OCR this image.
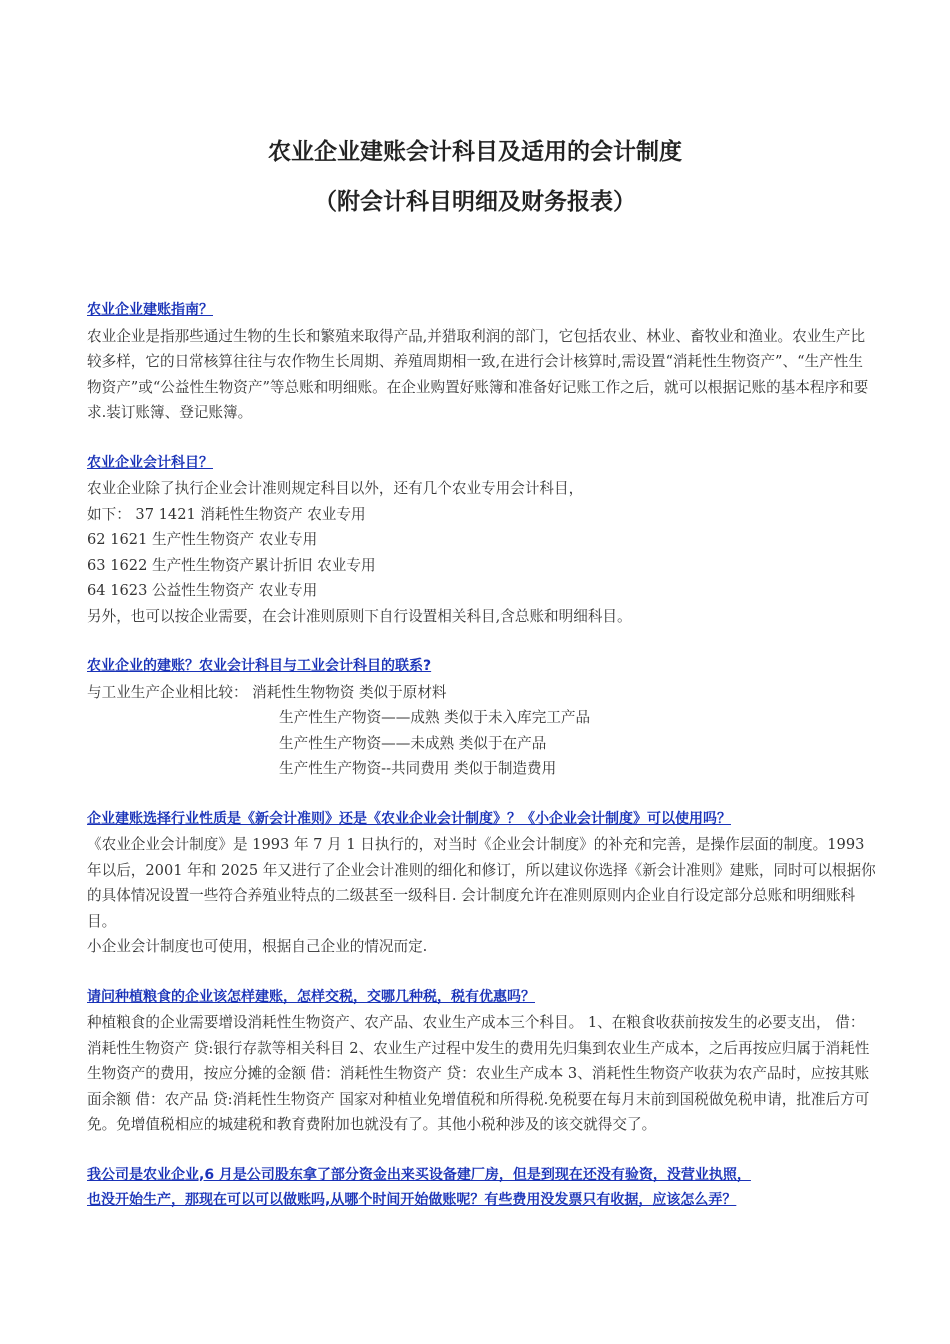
农业企业建账会计科目及适用的会计制度
（附会计科目明细及财务报表）
农业企业建账指南？

农业企业是指那些通过生物的生长和繁殖来取得产品,并猎取利润的部门，它包括农业、林业、畜牧业和渔业。农业生产比较多样，它的日常核算往往与农作物生长周期、养殖周期相一致,在进行会计核算时,需设置“消耗性生物资产”、“生产性生物资产”或“公益性生物资产”等总账和明细账。在企业购置好账簿和准备好记账工作之后，就可以根据记账的基本程序和要求.装订账簿、登记账簿。

农业企业会计科目？
农业企业除了执行企业会计准则规定科目以外，还有几个农业专用会计科目，
如下： 37 1421 消耗性生物资产 农业专用
62 1621 生产性生物资产 农业专用
63 1622 生产性生物资产累计折旧 农业专用
64 1623 公益性生物资产 农业专用
另外，也可以按企业需要，在会计准则原则下自行设置相关科目,含总账和明细科目。
农业企业的建账？农业会计科目与工业会计科目的联系?
与工业生产企业相比较： 消耗性生物物资 类似于原材料
生产性生产物资——成熟 类似于未入库完工产品
生产性生产物资——未成熟 类似于在产品
生产性生产物资--共同费用 类似于制造费用
企业建账选择行业性质是《新会计准则》还是《农业企业会计制度》？《小企业会计制度》可以使用吗？

《农业企业会计制度》是 1993 年 7 月 1 日执行的，对当时《企业会计制度》的补充和完善，是操作层面的制度。1993 年以后，2001 年和 2025 年又进行了企业会计准则的细化和修订，所以建议你选择《新会计准则》建账，同时可以根据你的具体情况设置一些符合养殖业特点的二级甚至一级科目. 会计制度允许在准则原则内企业自行设定部分总账和明细账科目。

小企业会计制度也可使用，根据自己企业的情况而定.

请问种植粮食的企业该怎样建账，怎样交税，交哪几种税，税有优惠吗？

种植粮食的企业需要增设消耗性生物资产、农产品、农业生产成本三个科目。 1、在粮食收获前按发生的必要支出， 借：消耗性生物资产 贷:银行存款等相关科目 2、农业生产过程中发生的费用先归集到农业生产成本，之后再按应归属于消耗性生物资产的费用，按应分摊的金额 借：消耗性生物资产 贷：农业生产成本 3、消耗性生物资产收获为农产品时，应按其账面余额 借：农产品 贷:消耗性生物资产 国家对种植业免增值税和所得税.免税要在每月末前到国税做免税申请，批准后方可免。免增值税相应的城建税和教育费附加也就没有了。其他小税种涉及的该交就得交了。

我公司是农业企业,6 月是公司股东拿了部分资金出来买设备建厂房，但是到现在还没有验资，没营业执照，
也没开始生产，那现在可以可以做账吗,从哪个时间开始做账呢？有些费用没发票只有收据，应该怎么弄？
